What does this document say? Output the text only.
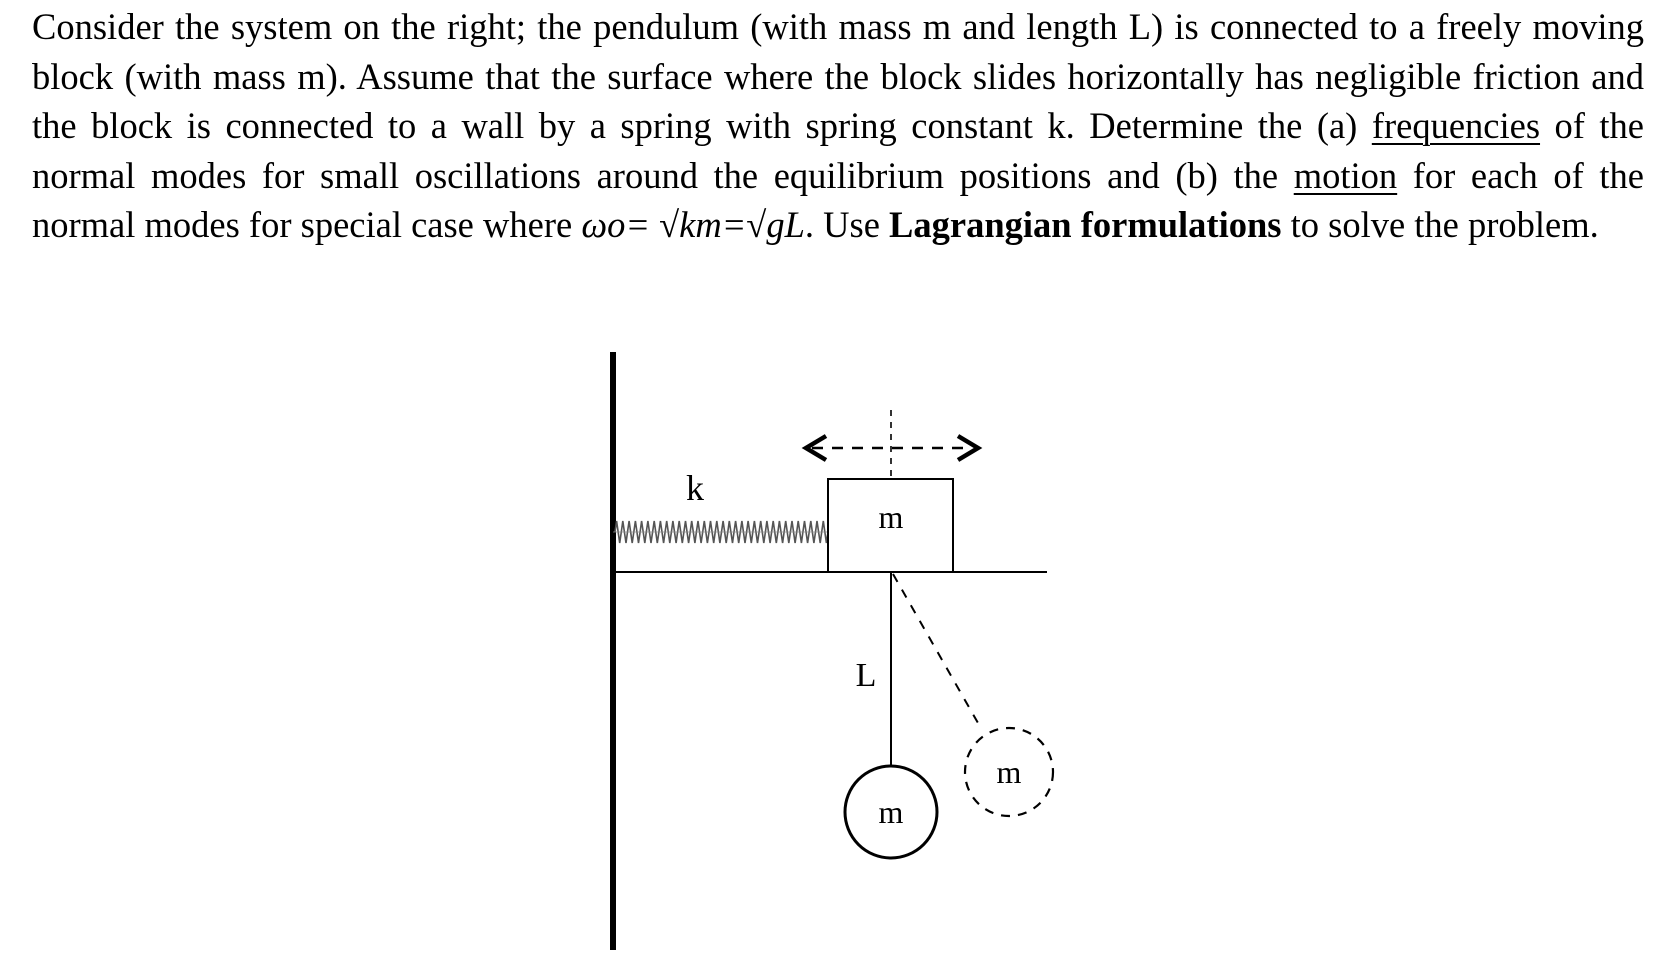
Consider the system on the right; the pendulum (with mass m and length L) is connected to a freely moving block (with mass m). Assume that the surface where the block slides horizontally has negligible friction and the block is connected to a wall by a spring with spring constant k. Determine the (a) frequencies of the normal modes for small oscillations around the equilibrium positions and (b) the motion for each of the normal modes for special case where ωo= √km=√gL. Use Lagrangian formulations to solve the problem.

k
m
L
m
m
